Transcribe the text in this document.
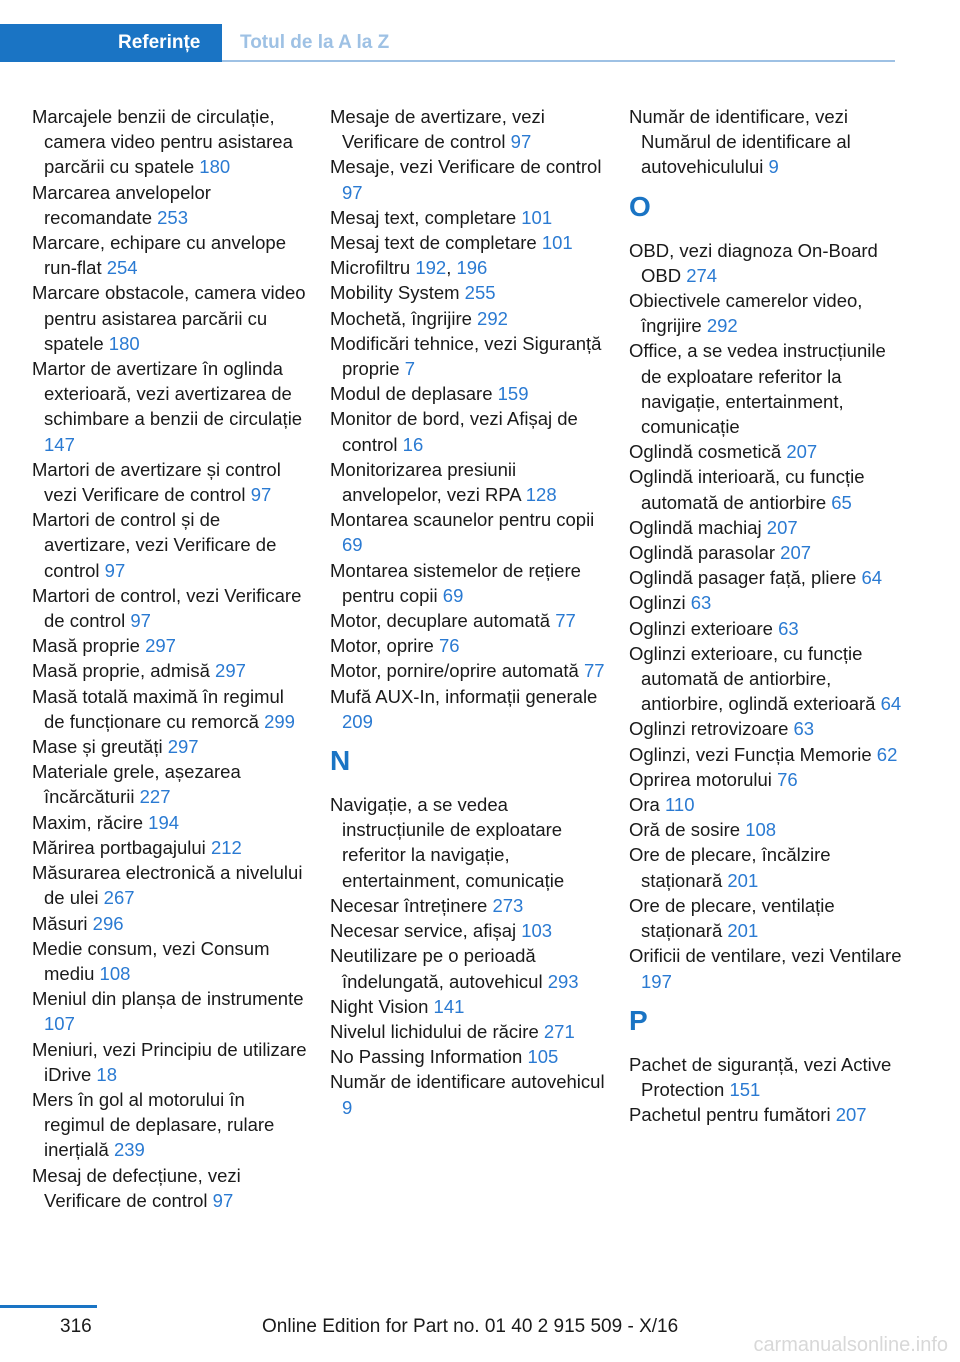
Referințe	Totul de la A la Z
Marcajele benzii de circulație, camera video pentru asistarea parcării cu spatele 180
Marcarea anvelopelor recomandate 253
Marcare, echipare cu anvelope run-flat 254
Marcare obstacole, camera video pentru asistarea parcării cu spatele 180
Martor de avertizare în oglinda exterioară, vezi avertizarea de schimbare a benzii de circulație 147
Martori de avertizare și control vezi Verificare de control 97
Martori de control și de avertizare, vezi Verificare de control 97
Martori de control, vezi Verificare de control 97
Masă proprie 297
Masă proprie, admisă 297
Masă totală maximă în regimul de funcționare cu remorcă 299
Mase și greutăți 297
Materiale grele, așezarea încărcăturii 227
Maxim, răcire 194
Mărirea portbagajului 212
Măsurarea electronică a nivelului de ulei 267
Măsuri 296
Medie consum, vezi Consum mediu 108
Meniul din planșa de instrumente 107
Meniuri, vezi Principiu de utilizare iDrive 18
Mers în gol al motorului în regimul de deplasare, rulare inerțială 239
Mesaj de defecțiune, vezi Verificare de control 97
Mesaje de avertizare, vezi Verificare de control 97
Mesaje, vezi Verificare de control 97
Mesaj text, completare 101
Mesaj text de completare 101
Microfiltru 192, 196
Mobility System 255
Mochetă, îngrijire 292
Modificări tehnice, vezi Siguranță proprie 7
Modul de deplasare 159
Monitor de bord, vezi Afișaj de control 16
Monitorizarea presiunii anvelopelor, vezi RPA 128
Montarea scaunelor pentru copii 69
Montarea sistemelor de rețiere pentru copii 69
Motor, decuplare automată 77
Motor, oprire 76
Motor, pornire/oprire automată 77
Mufă AUX-In, informații generale 209
N
Navigație, a se vedea instrucțiunile de exploatare referitor la navigație, entertainment, comunicație
Necesar întreținere 273
Necesar service, afișaj 103
Neutilizare pe o perioadă îndelungată, autovehicul 293
Night Vision 141
Nivelul lichidului de răcire 271
No Passing Information 105
Număr de identificare autovehicul 9
Număr de identificare, vezi Numărul de identificare al autovehiculului 9
O
OBD, vezi diagnoza On-Board OBD 274
Obiectivele camerelor video, îngrijire 292
Office, a se vedea instrucțiunile de exploatare referitor la navigație, entertainment, comunicație
Oglindă cosmetică 207
Oglindă interioară, cu funcție automată de antiorbire 65
Oglindă machiaj 207
Oglindă parasolar 207
Oglindă pasager față, pliere 64
Oglinzi 63
Oglinzi exterioare 63
Oglinzi exterioare, cu funcție automată de antiorbire, antiorbire, oglindă exterioară 64
Oglinzi retrovizoare 63
Oglinzi, vezi Funcția Memorie 62
Oprirea motorului 76
Ora 110
Oră de sosire 108
Ore de plecare, încălzire staționară 201
Ore de plecare, ventilație staționară 201
Orificii de ventilare, vezi Ventilare 197
P
Pachet de siguranță, vezi Active Protection 151
Pachetul pentru fumători 207
316	Online Edition for Part no. 01 40 2 915 509 - X/16
carmanualsonline.info
